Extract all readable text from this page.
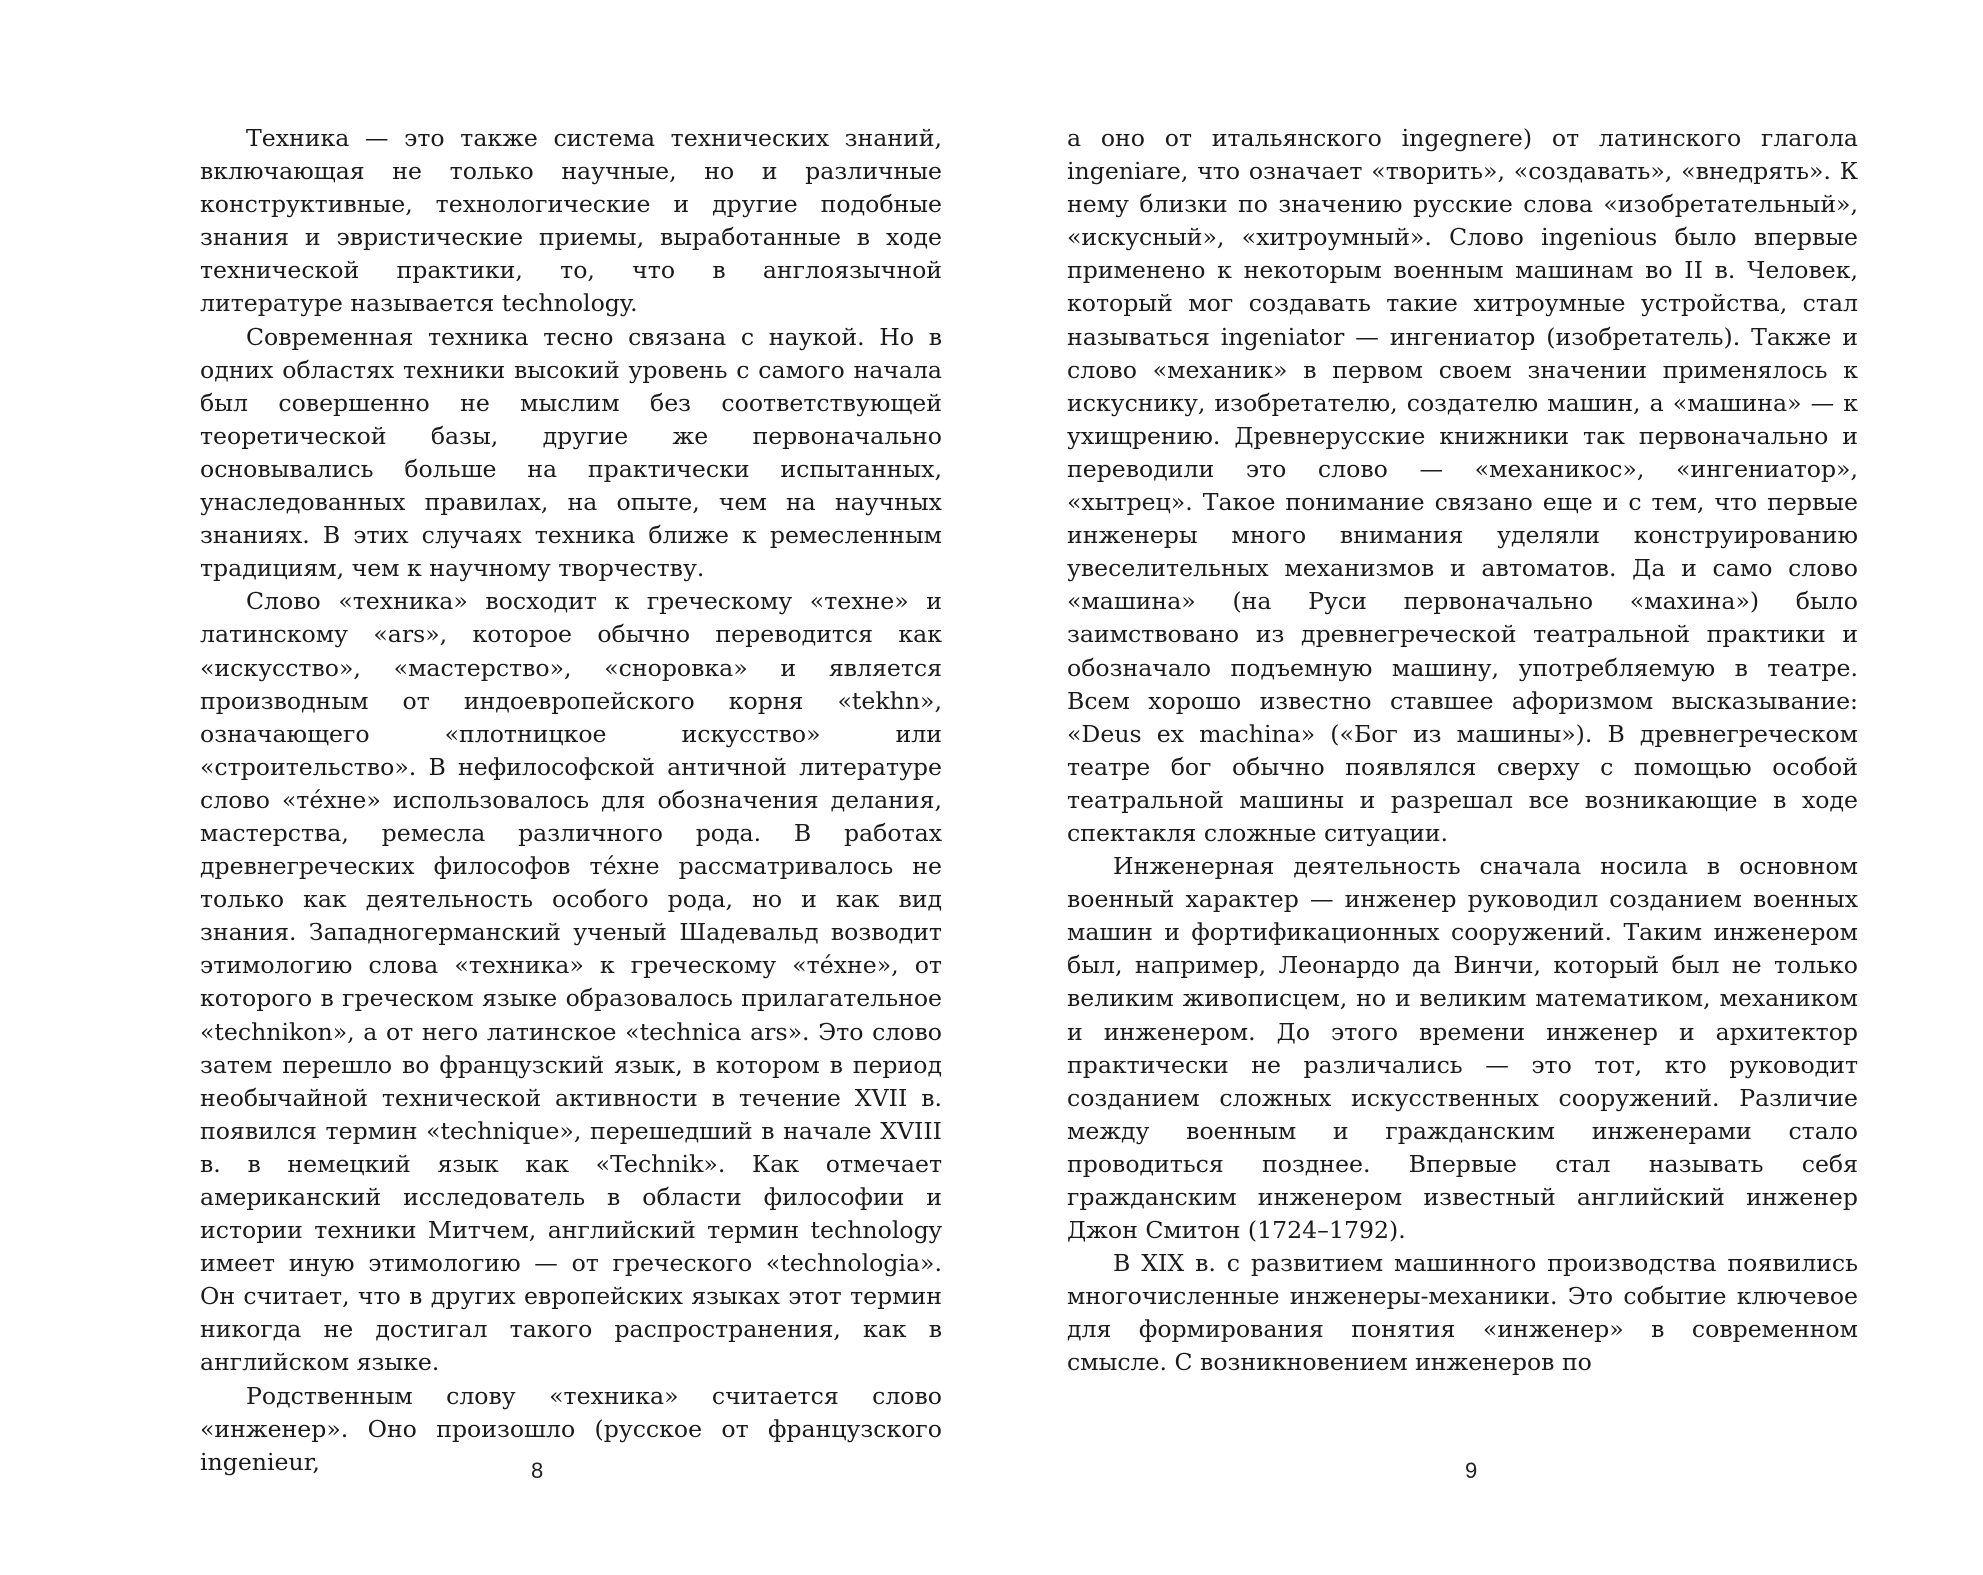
Техника — это также система технических знаний, включающая не только научные, но и различные конструктивные, технологические и другие подобные знания и эвристические приемы, выработанные в ходе технической практики, то, что в англоязычной литературе называется technology.

Современная техника тесно связана с наукой. Но в одних областях техники высокий уровень с самого начала был совершенно не мыслим без соответствующей теоретической базы, другие же первоначально основывались больше на практически испытанных, унаследованных правилах, на опыте, чем на научных знаниях. В этих случаях техника ближе к ремесленным традициям, чем к научному творчеству.

Слово «техника» восходит к греческому «техне» и латинскому «ars», которое обычно переводится как «искусство», «мастерство», «сноровка» и является производным от индоевропейского корня «tekhn», означающего «плотницкое искусство» или «строительство». В нефилософской античной литературе слово «тéхне» использовалось для обозначения делания, мастерства, ремесла различного рода. В работах древнегреческих философов тéхне рассматривалось не только как деятельность особого рода, но и как вид знания. Западногерманский ученый Шадевальд возводит этимологию слова «техника» к греческому «тéхне», от которого в греческом языке образовалось прилагательное «technikon», а от него латинское «technica ars». Это слово затем перешло во французский язык, в котором в период необычайной технической активности в течение XVII в. появился термин «technique», перешедший в начале XVIII в. в немецкий язык как «Technik». Как отмечает американский исследователь в области философии и истории техники Митчем, английский термин technology имеет иную этимологию — от греческого «technologia». Он считает, что в других европейских языках этот термин никогда не достигал такого распространения, как в английском языке.

Родственным слову «техника» считается слово «инженер». Оно произошло (русское от французского ingenieur,	8

а оно от итальянского ingegnere) от латинского глагола ingeniare, что означает «творить», «создавать», «внедрять». К нему близки по значению русские слова «изобретательный», «искусный», «хитроумный». Слово ingenious было впервые применено к некоторым военным машинам во II в. Человек, который мог создавать такие хитроумные устройства, стал называться ingeniator — ингениатор (изобретатель). Также и слово «механик» в первом своем значении применялось к искуснику, изобретателю, создателю машин, а «машина» — к ухищрению. Древнерусские книжники так первоначально и переводили это слово — «механикос», «ингениатор», «хытрец». Такое понимание связано еще и с тем, что первые инженеры много внимания уделяли конструированию увеселительных механизмов и автоматов. Да и само слово «машина» (на Руси первоначально «махина») было заимствовано из древнегреческой театральной практики и обозначало подъемную машину, употребляемую в театре. Всем хорошо известно ставшее афоризмом высказывание: «Deus ex machina» («Бог из машины»). В древнегреческом театре бог обычно появлялся сверху с помощью особой театральной машины и разрешал все возникающие в ходе спектакля сложные ситуации.

Инженерная деятельность сначала носила в основном военный характер — инженер руководил созданием военных машин и фортификационных сооружений. Таким инженером был, например, Леонардо да Винчи, который был не только великим живописцем, но и великим математиком, механиком и инженером. До этого времени инженер и архитектор практически не различались — это тот, кто руководит созданием сложных искусственных сооружений. Различие между военным и гражданским инженерами стало проводиться позднее. Впервые стал называть себя гражданским инженером известный английский инженер Джон Смитон (1724–1792).

В XIX в. с развитием машинного производства появились многочисленные инженеры-механики. Это событие ключевое для формирования понятия «инженер» в современном смысле. С возникновением инженеров по

9
